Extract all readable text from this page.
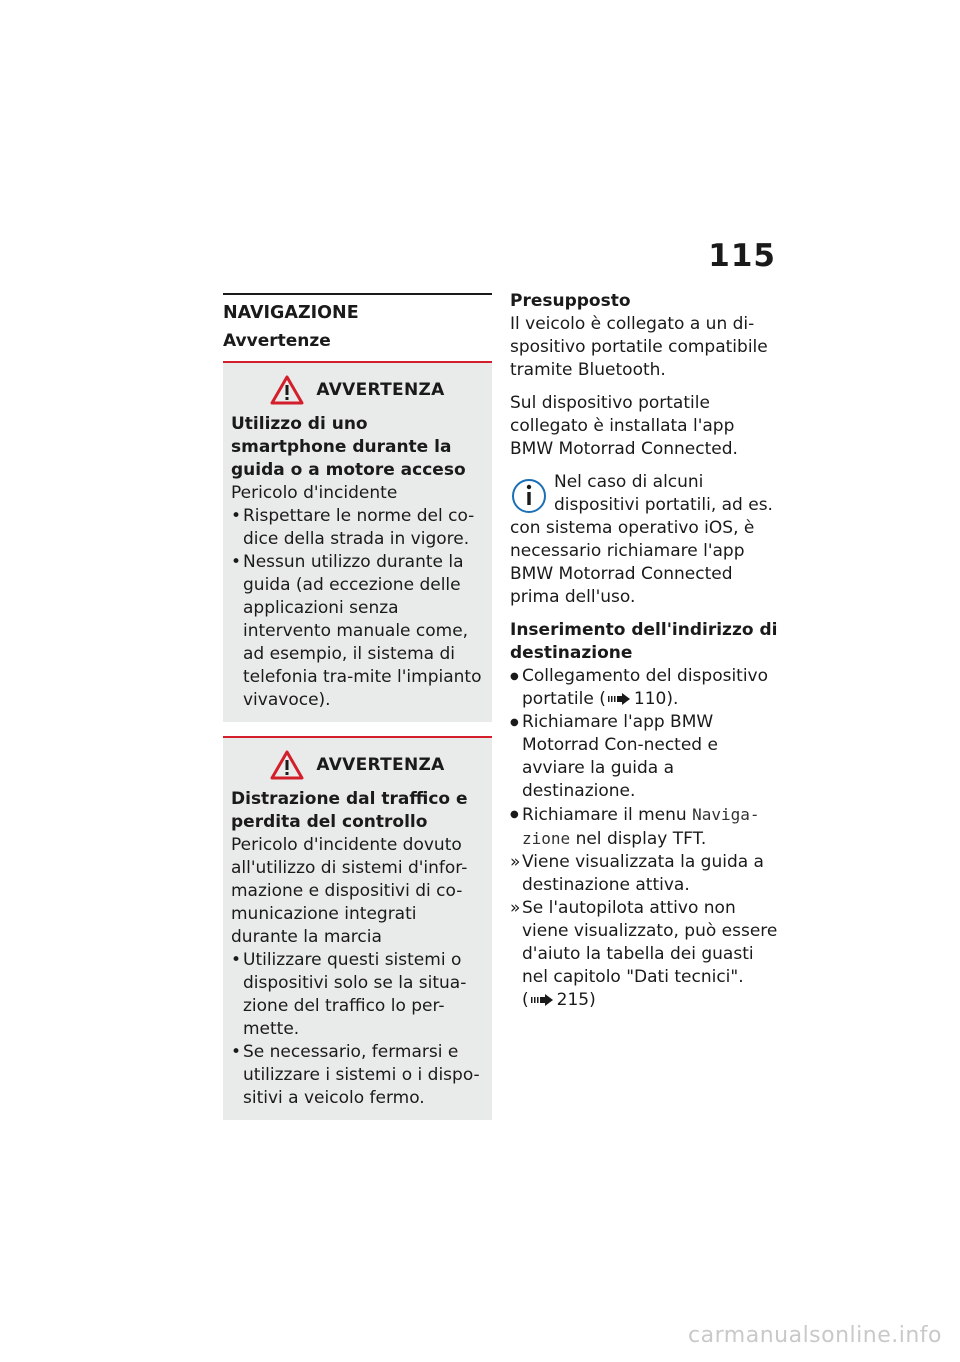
115
NAVIGAZIONE
Avvertenze
AVVERTENZA
Utilizzo di uno smartphone durante la guida o a motore acceso
Pericolo d'incidente
• Rispettare le norme del co-dice della strada in vigore.
• Nessun utilizzo durante la guida (ad eccezione delle applicazioni senza intervento manuale come, ad esempio, il sistema di telefonia tra-mite l'impianto vivavoce).
AVVERTENZA
Distrazione dal traffico e perdita del controllo
Pericolo d'incidente dovuto all'utilizzo di sistemi d'infor-mazione e dispositivi di co-municazione integrati durante la marcia
• Utilizzare questi sistemi o dispositivi solo se la situa-zione del traffico lo per-mette.
• Se necessario, fermarsi e utilizzare i sistemi o i dispo-sitivi a veicolo fermo.
Presupposto

Il veicolo è collegato a un di-spositivo portatile compatibile tramite Bluetooth.

Sul dispositivo portatile collegato è installata l'app BMW Motorrad Connected.

Nel caso di alcuni dispositivi portatili, ad es. con sistema operativo iOS, è necessario richiamare l'app BMW Motorrad Connected prima dell'uso.
Inserimento dell'indirizzo di destinazione
● Collegamento del dispositivo portatile ( 110).
● Richiamare l'app BMW Motorrad Con-nected e avviare la guida a destinazione.
● Richiamare il menu Naviga-zione nel display TFT.
» Viene visualizzata la guida a destinazione attiva.
» Se l'autopilota attivo non viene visualizzato, può essere d'aiuto la tabella dei guasti nel capitolo "Dati tecnici".
( 215)
carmanualsonline.info
